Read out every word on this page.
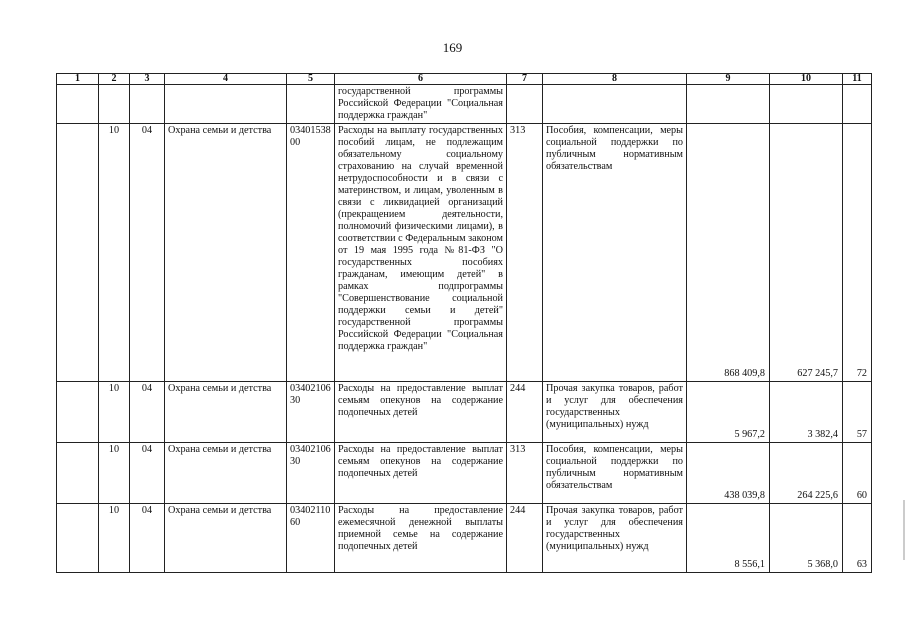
169
1	2	3	4	5	6	7	8	9	10	11
					государственной программы Российской Федерации "Социальная поддержка граждан"					
	10	04	Охрана семьи и детства	0340153800	Расходы на выплату государственных пособий лицам, не подлежащим обязательному социальному страхованию на случай временной нетрудоспособности и в связи с материнством, и лицам, уволенным в связи с ликвидацией организаций (прекращением деятельности, полномочий физическими лицами), в соответствии с Федеральным законом от 19 мая 1995 года №81-ФЗ "О государственных пособиях гражданам, имеющим детей" в рамках подпрограммы "Совершенствование социальной поддержки семьи и детей" государственной программы Российской Федерации "Социальная поддержка граждан"	313	Пособия, компенсации, меры социальной поддержки по публичным нормативным обязательствам	868 409,8	627 245,7	72

	10	04	Охрана семьи и детства	0340210630	Расходы на предоставление выплат семьям опекунов на содержание подопечных детей	244	Прочая закупка товаров, работ и услуг для обеспечения государственных (муниципальных) нужд	5 967,2	3 382,4	57

	10	04	Охрана семьи и детства	0340210630	Расходы на предоставление выплат семьям опекунов на содержание подопечных детей	313	Пособия, компенсации, меры социальной поддержки по публичным нормативным обязательствам	438 039,8	264 225,6	60

	10	04	Охрана семьи и детства	0340211060	Расходы на предоставление ежемесячной денежной выплаты приемной семье на содержание подопечных детей	244	Прочая закупка товаров, работ и услуг для обеспечения государственных (муниципальных) нужд	8 556,1	5 368,0	63
